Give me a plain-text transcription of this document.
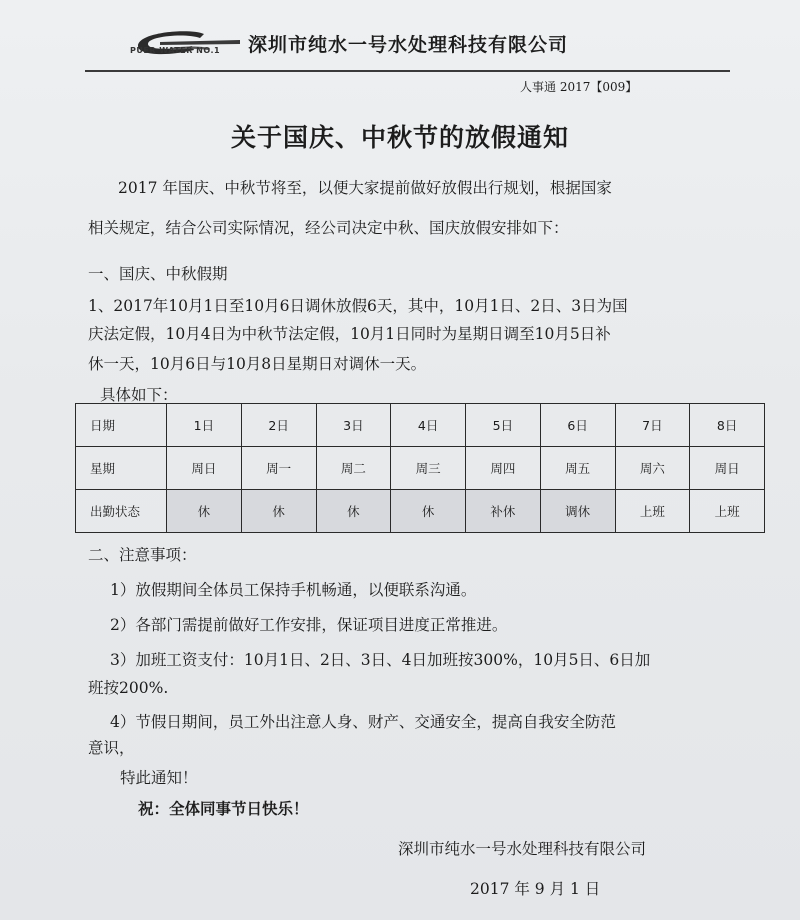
PUER WATER NO.1 深圳市纯水一号水处理科技有限公司
人事通 2017【009】
关于国庆、中秋节的放假通知
2017 年国庆、中秋节将至，以便大家提前做好放假出行规划，根据国家
相关规定，结合公司实际情况，经公司决定中秋、国庆放假安排如下：
一、国庆、中秋假期
1、2017年10月1日至10月6日调休放假6天，其中，10月1日、2日、3日为国
庆法定假，10月4日为中秋节法定假，10月1日同时为星期日调至10月5日补
休一天，10月6日与10月8日星期日对调休一天。
具体如下：
日期	1日	2日	3日	4日	5日	6日	7日	8日
星期	周日	周一	周二	周三	周四	周五	周六	周日
出勤状态	休	休	休	休	补休	调休	上班	上班
二、注意事项：
1）放假期间全体员工保持手机畅通，以便联系沟通。
2）各部门需提前做好工作安排，保证项目进度正常推进。
3）加班工资支付：10月1日、2日、3日、4日加班按300%，10月5日、6日加
班按200%.
4）节假日期间，员工外出注意人身、财产、交通安全，提高自我安全防范
意识，
特此通知！
祝：全体同事节日快乐！
深圳市纯水一号水处理科技有限公司
2017 年 9 月 1 日
